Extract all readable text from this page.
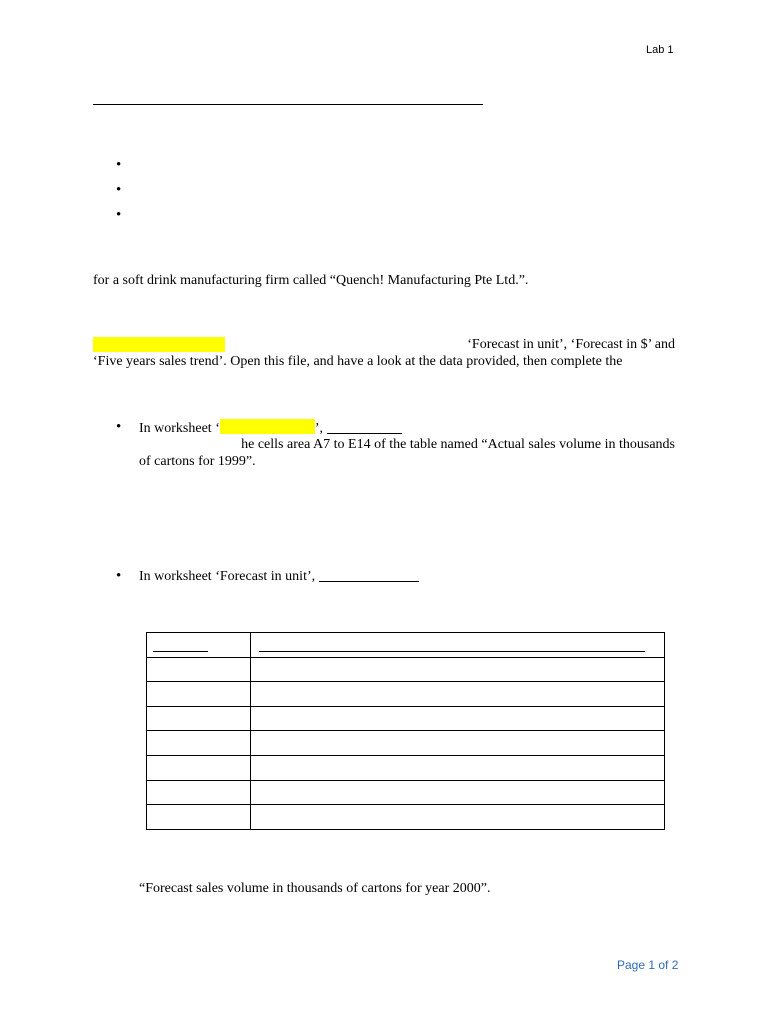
Lab 1
•
•
•
for a soft drink manufacturing firm called “Quench! Manufacturing Pte Ltd.”.
‘Forecast in unit’, ‘Forecast in $’ and
‘Five years sales trend’. Open this file, and have a look at the data provided, then complete the
• In worksheet ‘	’,
he cells area A7 to E14 of the table named “Actual sales volume in thousands
of cartons for 1999”.
• In worksheet ‘Forecast in unit’,

“Forecast sales volume in thousands of cartons for year 2000”.
Page 1 of 2
